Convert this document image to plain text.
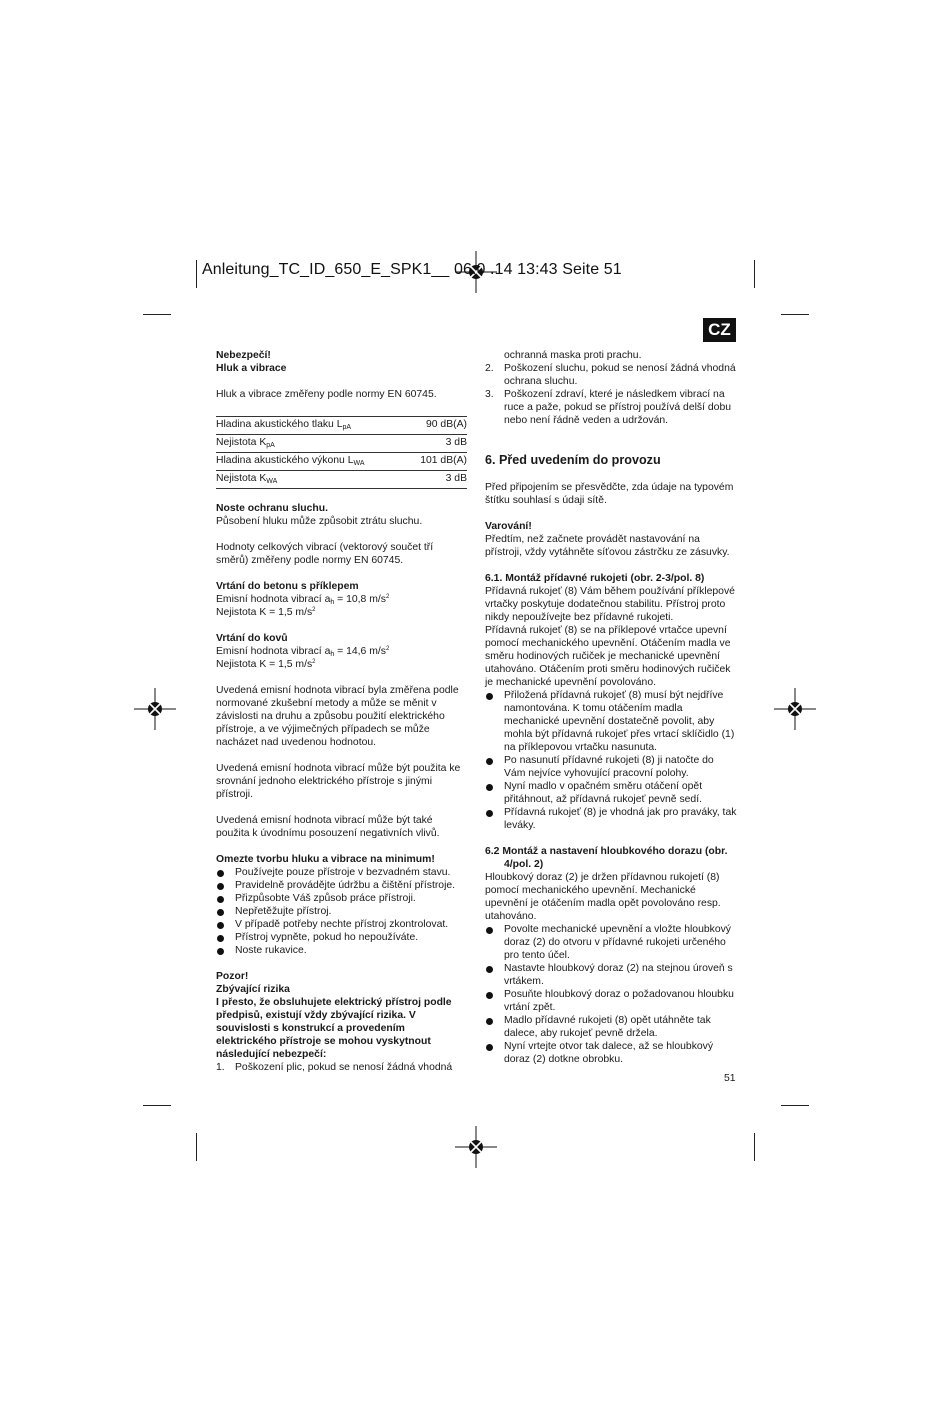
Anleitung_TC_ID_650_E_SPK1__ 06.0 .14 13:43 Seite 51
CZ

Nebezpečí!

Hluk a vibrace

Hluk a vibrace změřeny podle normy EN 60745.

Hladina akustického tlaku $L_{pA}$	90 dB(A)
Nejistota $K_{pA}$	3 dB
Hladina akustického výkonu $L_{WA}$	101 dB(A)
Nejistota $K_{WA}$	3 dB

Noste ochranu sluchu.

Působení hluku může způsobit ztrátu sluchu.

Hodnoty celkových vibrací (vektorový součet tří směrů) změřeny podle normy EN 60745.

Vrtání do betonu s příklepem

Emisní hodnota vibrací $a_h = 10,8$ $m/s^2$

Nejistota K = 1,5 $m/s^2$

Vrtání do kovů

Emisní hodnota vibrací $a_h = 14,6$ $m/s^2$

Nejistota K = 1,5 $m/s^2$

Uvedená emisní hodnota vibrací byla změřena podle normované zkušební metody a může se měnit v závislosti na druhu a způsobu použití elektrického přístroje, a ve výjimečných případech se může nacházet nad uvedenou hodnotou.

Uvedená emisní hodnota vibrací může být použita ke srovnání jednoho elektrického přístroje s jinými přístroji.

Uvedená emisní hodnota vibrací může být také použita k úvodnímu posouzení negativních vlivů.

Omezte tvorbu hluku a vibrace na minimum!

Používejte pouze přístroje v bezvadném stavu.
Pravidelně provádějte údržbu a čištění přístroje.
Přizpůsobte Váš způsob práce přístroji.
Nepřetěžujte přístroj.
V případě potřeby nechte přístroj zkontrolovat.
Přístroj vypněte, pokud ho nepoužíváte.
Noste rukavice.

Pozor!

Zbývající rizika

I přesto, že obsluhujete elektrický přístroj podle předpisů, existují vždy zbývající rizika. V souvislosti s konstrukcí a provedením elektrického přístroje se mohou vyskytnout následující nebezpečí:

1. Poškození plic, pokud se nenosí žádná vhodná

ochranná maska proti prachu.

2. Poškození sluchu, pokud se nenosí žádná vhodná ochrana sluchu.
3. Poškození zdraví, které je následkem vibrací na ruce a paže, pokud se přístroj používá delší dobu nebo není řádně veden a udržován.
6. Před uvedením do provozu

Před připojením se přesvědčte, zda údaje na typovém štítku souhlasí s údaji sítě.

Varování!

Předtím, než začnete provádět nastavování na přístroji, vždy vytáhněte síťovou zástrčku ze zásuvky.

6.1. Montáž přídavné rukojeti (obr. 2-3/pol. 8)

Přídavná rukojeť (8) Vám během používání příklepové vrtačky poskytuje dodatečnou stabilitu. Přístroj proto nikdy nepoužívejte bez přídavné rukojeti.

Přídavná rukojeť (8) se na příklepové vrtačce upevní pomocí mechanického upevnění. Otáčením madla ve směru hodinových ručiček je mechanické upevnění utahováno. Otáčením proti směru hodinových ručiček je mechanické upevnění povolováno.

Přiložená přídavná rukojeť (8) musí být nejdříve namontována. K tomu otáčením madla mechanické upevnění dostatečně povolit, aby mohla být přídavná rukojeť přes vrtací sklíčidlo (1) na příklepovou vrtačku nasunuta.
Po nasunutí přídavné rukojeti (8) ji natočte do Vám nejvíce vyhovující pracovní polohy.
Nyní madlo v opačném směru otáčení opět přitáhnout, až přídavná rukojeť pevně sedí.
Přídavná rukojeť (8) je vhodná jak pro praváky, tak leváky.

6.2 Montáž a nastavení hloubkového dorazu (obr.

4/pol. 2)

Hloubkový doraz (2) je držen přídavnou rukojetí (8) pomocí mechanického upevnění. Mechanické upevnění je otáčením madla opět povolováno resp. utahováno.

Povolte mechanické upevnění a vložte hloubkový doraz (2) do otvoru v přídavné rukojeti určeného pro tento účel.
Nastavte hloubkový doraz (2) na stejnou úroveň s vrtákem.
Posuňte hloubkový doraz o požadovanou hloubku vrtání zpět.
Madlo přídavné rukojeti (8) opět utáhněte tak dalece, aby rukojeť pevně držela.
Nyní vrtejte otvor tak dalece, až se hloubkový doraz (2) dotkne obrobku.
51
